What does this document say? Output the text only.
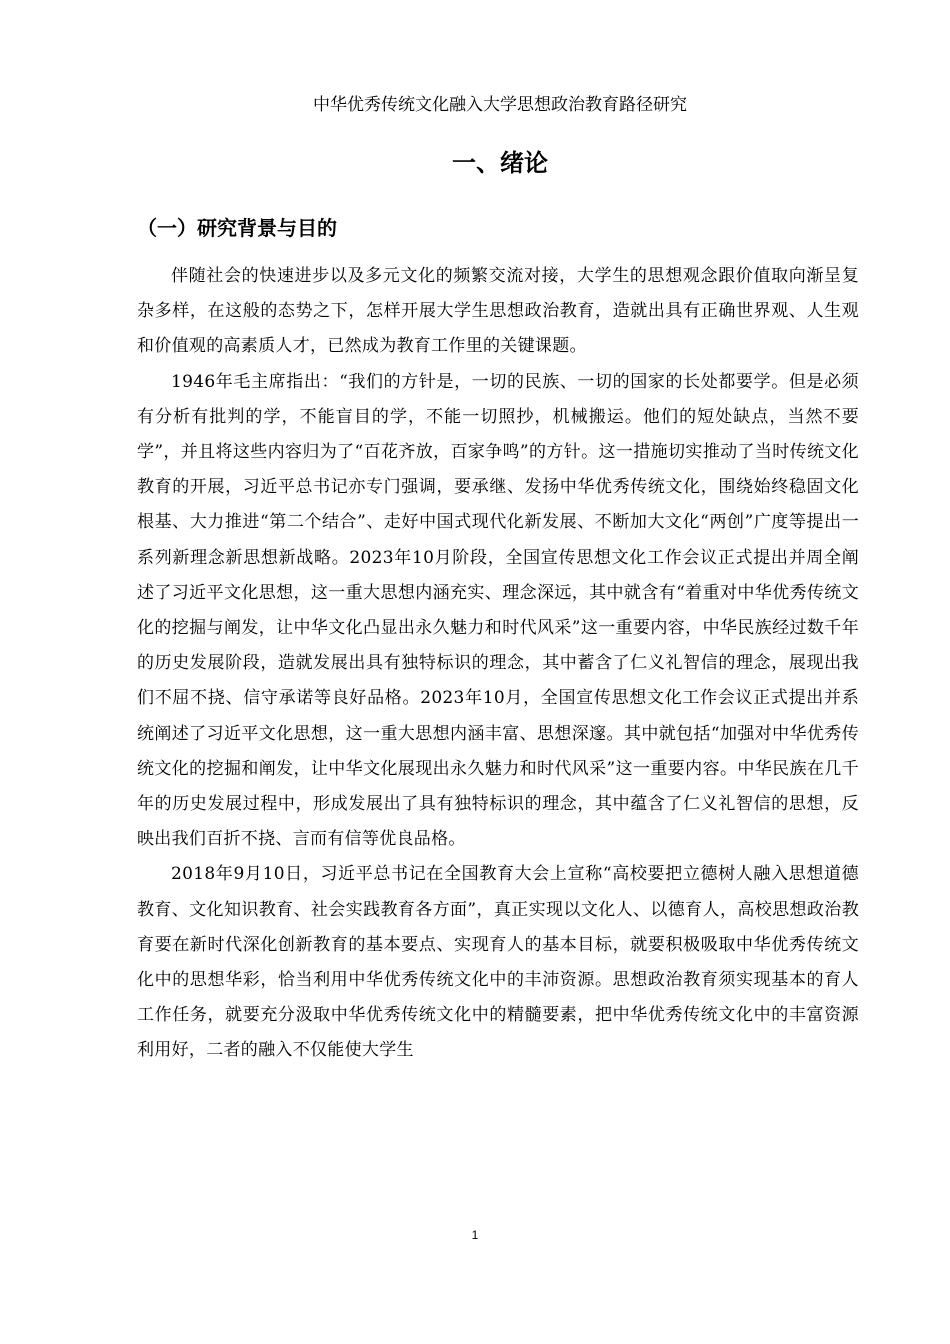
中华优秀传统文化融入大学思想政治教育路径研究
一、绪论
（一）研究背景与目的

伴随社会的快速进步以及多元文化的频繁交流对接，大学生的思想观念跟价值取向渐呈复杂多样，在这般的态势之下，怎样开展大学生思想政治教育，造就出具有正确世界观、人生观和价值观的高素质人才，已然成为教育工作里的关键课题。

1946年毛主席指出：“我们的方针是，一切的民族、一切的国家的长处都要学。但是必须有分析有批判的学，不能盲目的学，不能一切照抄，机械搬运。他们的短处缺点，当然不要学”，并且将这些内容归为了“百花齐放，百家争鸣”的方针。这一措施切实推动了当时传统文化教育的开展，习近平总书记亦专门强调，要承继、发扬中华优秀传统文化，围绕始终稳固文化根基、大力推进“第二个结合”、走好中国式现代化新发展、不断加大文化“两创”广度等提出一系列新理念新思想新战略。2023年10月阶段，全国宣传思想文化工作会议正式提出并周全阐述了习近平文化思想，这一重大思想内涵充实、理念深远，其中就含有“着重对中华优秀传统文化的挖掘与阐发，让中华文化凸显出永久魅力和时代风采”这一重要内容，中华民族经过数千年的历史发展阶段，造就发展出具有独特标识的理念，其中蓄含了仁义礼智信的理念，展现出我们不屈不挠、信守承诺等良好品格。2023年10月，全国宣传思想文化工作会议正式提出并系统阐述了习近平文化思想，这一重大思想内涵丰富、思想深邃。其中就包括“加强对中华优秀传统文化的挖掘和阐发，让中华文化展现出永久魅力和时代风采”这一重要内容。中华民族在几千年的历史发展过程中，形成发展出了具有独特标识的理念，其中蕴含了仁义礼智信的思想，反映出我们百折不挠、言而有信等优良品格。

2018年9月10日，习近平总书记在全国教育大会上宣称“高校要把立德树人融入思想道德教育、文化知识教育、社会实践教育各方面”，真正实现以文化人、以德育人，高校思想政治教育要在新时代深化创新教育的基本要点、实现育人的基本目标，就要积极吸取中华优秀传统文化中的思想华彩，恰当利用中华优秀传统文化中的丰沛资源。思想政治教育须实现基本的育人工作任务，就要充分汲取中华优秀传统文化中的精髓要素，把中华优秀传统文化中的丰富资源利用好，二者的融入不仅能使大学生

1
